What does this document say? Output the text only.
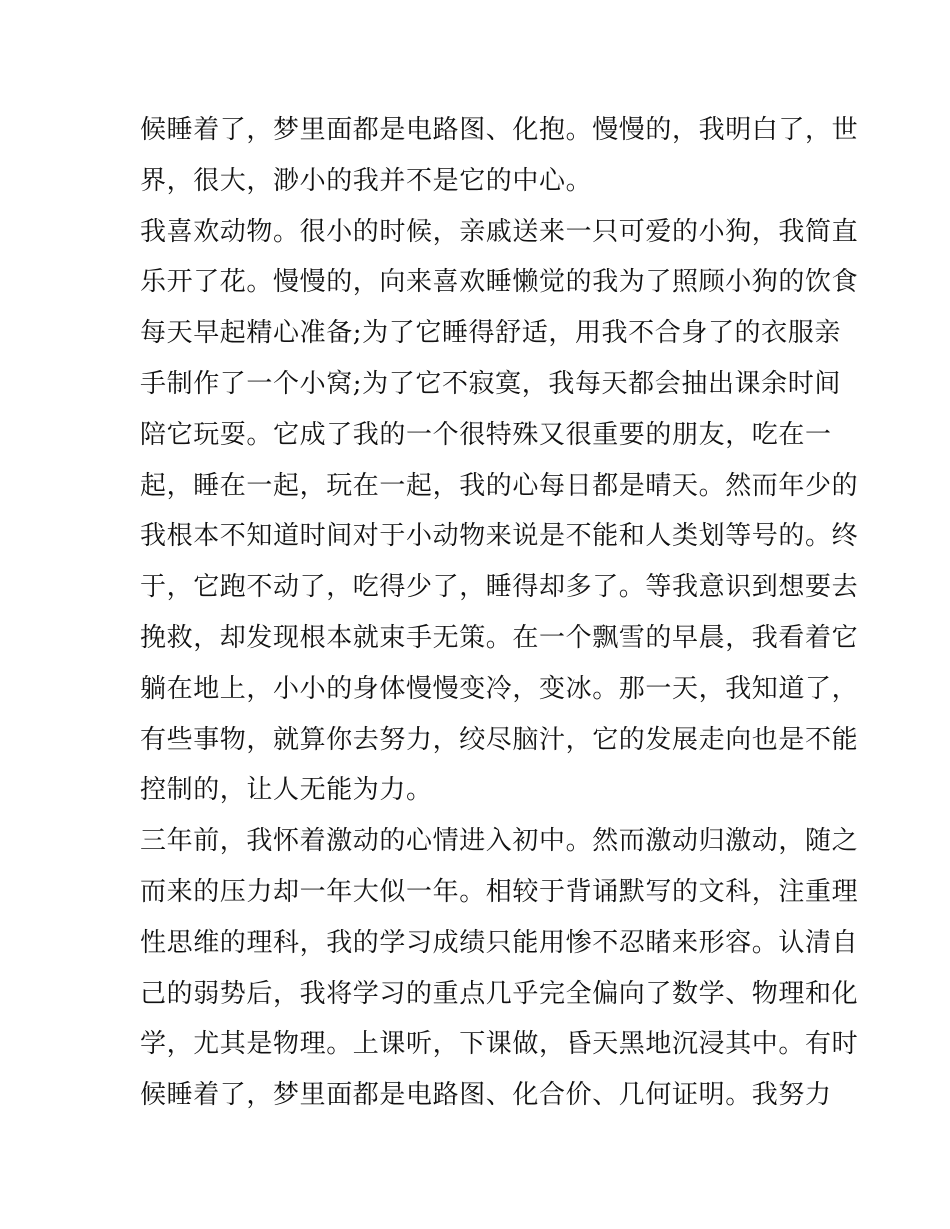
候睡着了，梦里面都是电路图、化抱。慢慢的，我明白了，世
界，很大，渺小的我并不是它的中心。
我喜欢动物。很小的时候，亲戚送来一只可爱的小狗，我简直
乐开了花。慢慢的，向来喜欢睡懒觉的我为了照顾小狗的饮食
每天早起精心准备;为了它睡得舒适，用我不合身了的衣服亲
手制作了一个小窝;为了它不寂寞，我每天都会抽出课余时间
陪它玩耍。它成了我的一个很特殊又很重要的朋友，吃在一
起，睡在一起，玩在一起，我的心每日都是晴天。然而年少的
我根本不知道时间对于小动物来说是不能和人类划等号的。终
于，它跑不动了，吃得少了，睡得却多了。等我意识到想要去
挽救，却发现根本就束手无策。在一个飘雪的早晨，我看着它
躺在地上，小小的身体慢慢变冷，变冰。那一天，我知道了，
有些事物，就算你去努力，绞尽脑汁，它的发展走向也是不能
控制的，让人无能为力。
三年前，我怀着激动的心情进入初中。然而激动归激动，随之
而来的压力却一年大似一年。相较于背诵默写的文科，注重理
性思维的理科，我的学习成绩只能用惨不忍睹来形容。认清自
己的弱势后，我将学习的重点几乎完全偏向了数学、物理和化
学，尤其是物理。上课听，下课做，昏天黑地沉浸其中。有时
候睡着了，梦里面都是电路图、化合价、几何证明。我努力
